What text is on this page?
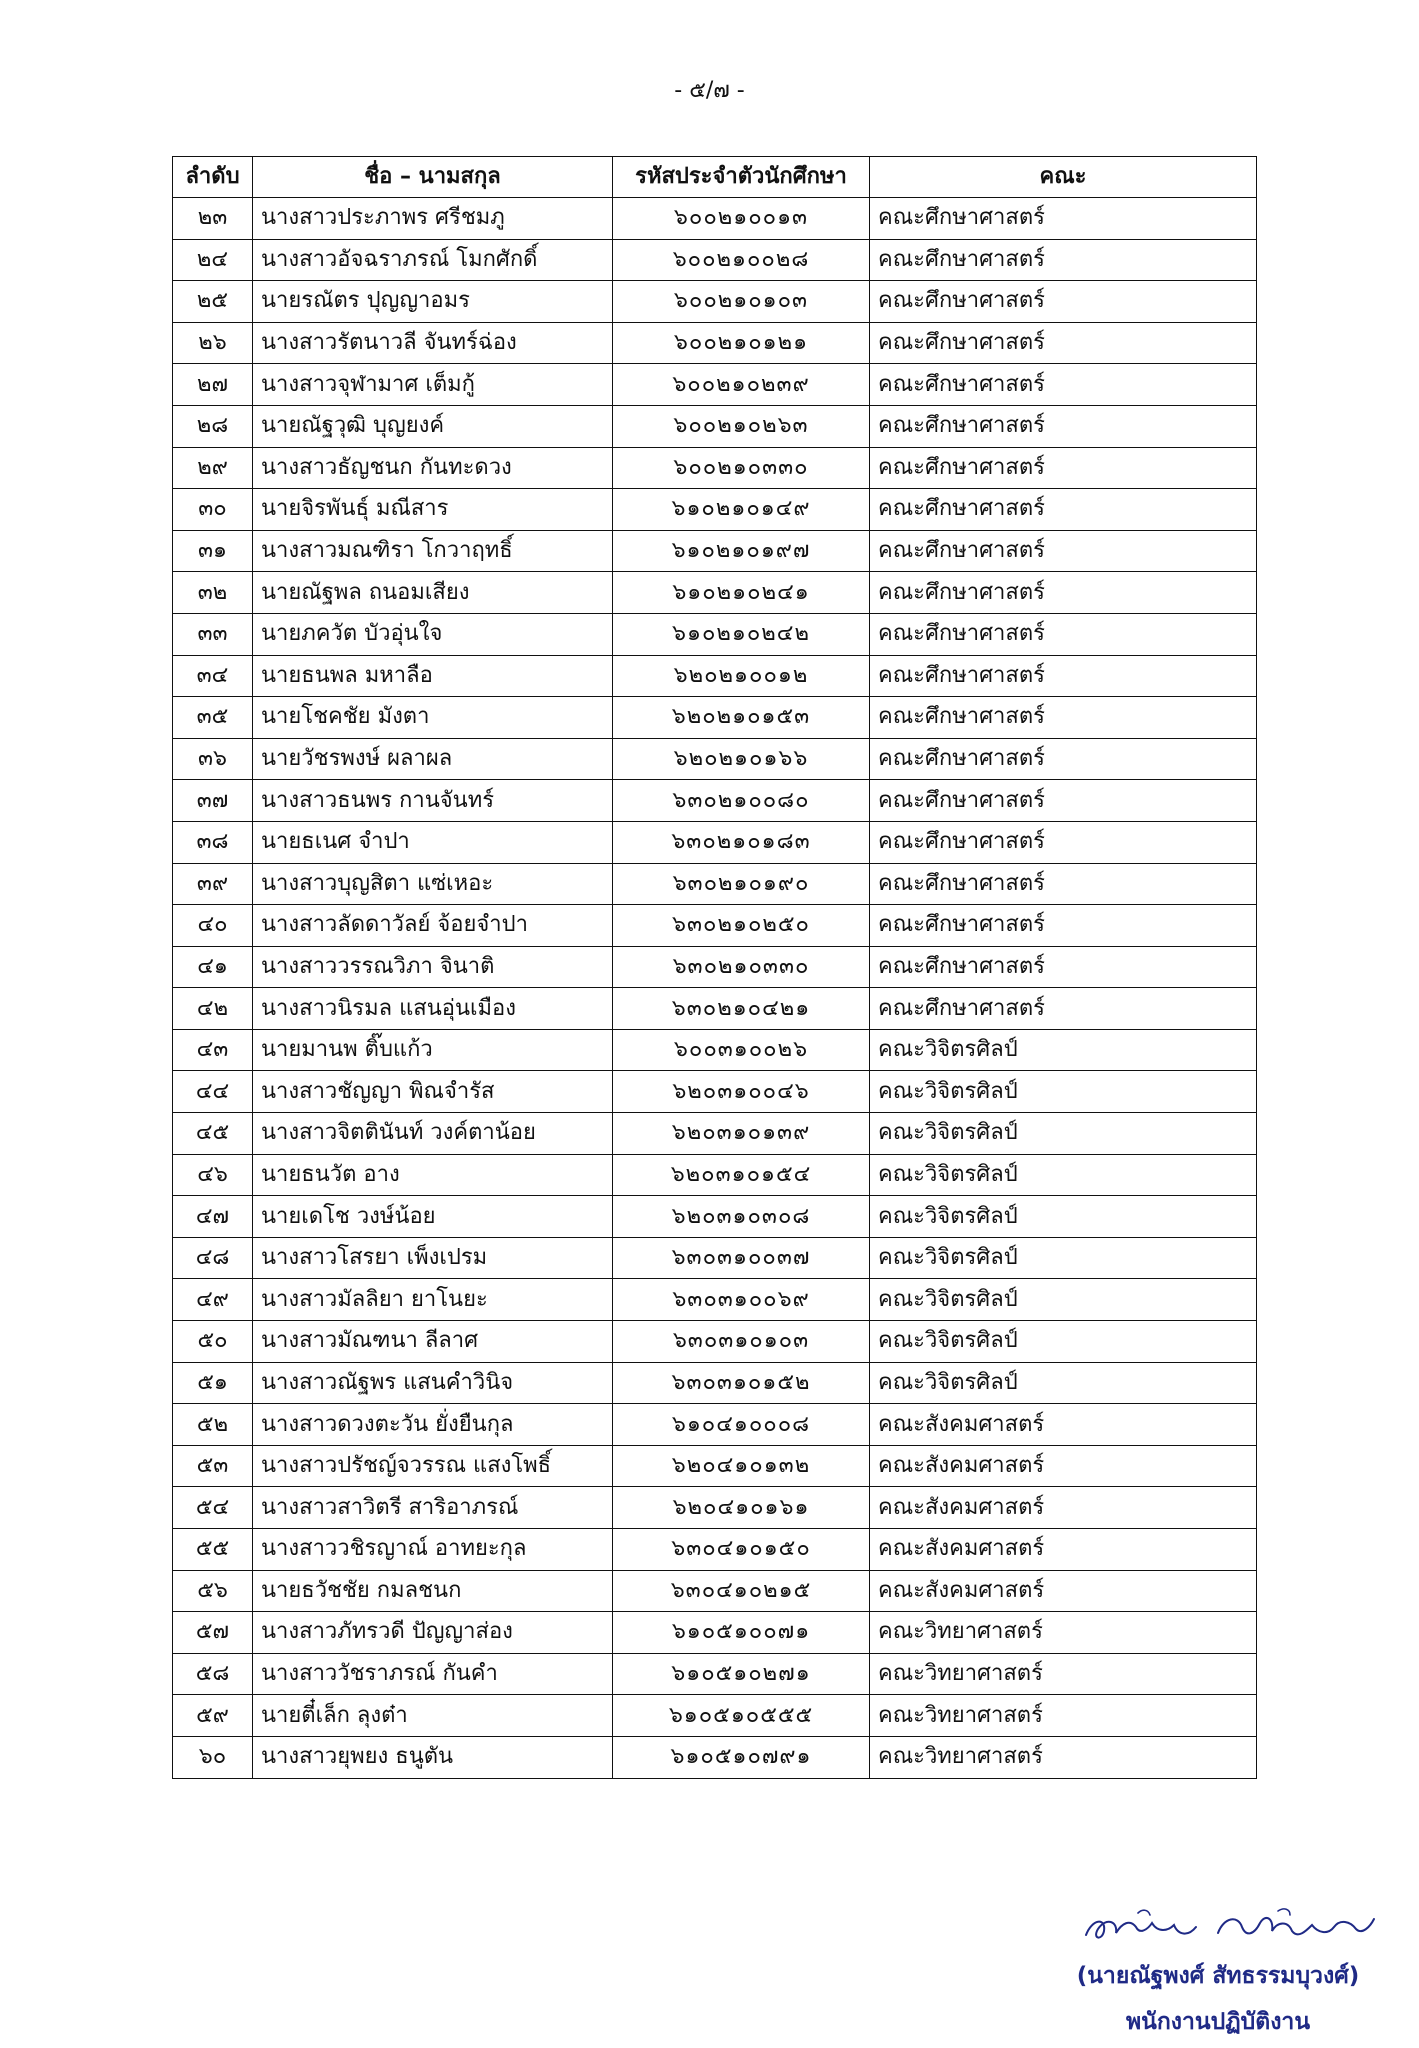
- ๕/๗ -
ลำดับ	ชื่อ – นามสกุล	รหัสประจำตัวนักศึกษา	คณะ
๒๓	นางสาวประภาพร ศรีชมภู	๖๐๐๒๑๐๐๑๓	คณะศึกษาศาสตร์
๒๔	นางสาวอัจฉราภรณ์ โมกศักดิ์	๖๐๐๒๑๐๐๒๘	คณะศึกษาศาสตร์
๒๕	นายรณัตร ปุญญาอมร	๖๐๐๒๑๐๑๐๓	คณะศึกษาศาสตร์
๒๖	นางสาวรัตนาวลี จันทร์ฉ่อง	๖๐๐๒๑๐๑๒๑	คณะศึกษาศาสตร์
๒๗	นางสาวจุฬามาศ เต็มกู้	๖๐๐๒๑๐๒๓๙	คณะศึกษาศาสตร์
๒๘	นายณัฐวุฒิ บุญยงค์	๖๐๐๒๑๐๒๖๓	คณะศึกษาศาสตร์
๒๙	นางสาวธัญชนก กันทะดวง	๖๐๐๒๑๐๓๓๐	คณะศึกษาศาสตร์
๓๐	นายจิรพันธุ์ มณีสาร	๖๑๐๒๑๐๑๔๙	คณะศึกษาศาสตร์
๓๑	นางสาวมณฑิรา โกวาฤทธิ์	๖๑๐๒๑๐๑๙๗	คณะศึกษาศาสตร์
๓๒	นายณัฐพล ถนอมเสียง	๖๑๐๒๑๐๒๔๑	คณะศึกษาศาสตร์
๓๓	นายภควัต บัวอุ่นใจ	๖๑๐๒๑๐๒๔๒	คณะศึกษาศาสตร์
๓๔	นายธนพล มหาลือ	๖๒๐๒๑๐๐๑๒	คณะศึกษาศาสตร์
๓๕	นายโชคชัย มังตา	๖๒๐๒๑๐๑๕๓	คณะศึกษาศาสตร์
๓๖	นายวัชรพงษ์ ผลาผล	๖๒๐๒๑๐๑๖๖	คณะศึกษาศาสตร์
๓๗	นางสาวธนพร กานจันทร์	๖๓๐๒๑๐๐๘๐	คณะศึกษาศาสตร์
๓๘	นายธเนศ จำปา	๖๓๐๒๑๐๑๘๓	คณะศึกษาศาสตร์
๓๙	นางสาวบุญสิตา แซ่เหอะ	๖๓๐๒๑๐๑๙๐	คณะศึกษาศาสตร์
๔๐	นางสาวลัดดาวัลย์ จ้อยจำปา	๖๓๐๒๑๐๒๕๐	คณะศึกษาศาสตร์
๔๑	นางสาววรรณวิภา จินาติ	๖๓๐๒๑๐๓๓๐	คณะศึกษาศาสตร์
๔๒	นางสาวนิรมล แสนอุ่นเมือง	๖๓๐๒๑๐๔๒๑	คณะศึกษาศาสตร์
๔๓	นายมานพ ติ๊บแก้ว	๖๐๐๓๑๐๐๒๖	คณะวิจิตรศิลป์
๔๔	นางสาวชัญญา พิณจำรัส	๖๒๐๓๑๐๐๔๖	คณะวิจิตรศิลป์
๔๕	นางสาวจิตตินันท์ วงค์ตาน้อย	๖๒๐๓๑๐๑๓๙	คณะวิจิตรศิลป์
๔๖	นายธนวัต อาง	๖๒๐๓๑๐๑๕๔	คณะวิจิตรศิลป์
๔๗	นายเดโช วงษ์น้อย	๖๒๐๓๑๐๓๐๘	คณะวิจิตรศิลป์
๔๘	นางสาวโสรยา เพ็งเปรม	๖๓๐๓๑๐๐๓๗	คณะวิจิตรศิลป์
๔๙	นางสาวมัลลิยา ยาโนยะ	๖๓๐๓๑๐๐๖๙	คณะวิจิตรศิลป์
๕๐	นางสาวมัณฑนา ลีลาศ	๖๓๐๓๑๐๑๐๓	คณะวิจิตรศิลป์
๕๑	นางสาวณัฐพร แสนคำวินิจ	๖๓๐๓๑๐๑๕๒	คณะวิจิตรศิลป์
๕๒	นางสาวดวงตะวัน ยั่งยืนกุล	๖๑๐๔๑๐๐๐๘	คณะสังคมศาสตร์
๕๓	นางสาวปรัชญ์จวรรณ แสงโพธิ์	๖๒๐๔๑๐๑๓๒	คณะสังคมศาสตร์
๕๔	นางสาวสาวิตรี สาริอาภรณ์	๖๒๐๔๑๐๑๖๑	คณะสังคมศาสตร์
๕๕	นางสาววชิรญาณ์ อาทยะกุล	๖๓๐๔๑๐๑๕๐	คณะสังคมศาสตร์
๕๖	นายธวัชชัย กมลชนก	๖๓๐๔๑๐๒๑๕	คณะสังคมศาสตร์
๕๗	นางสาวภัทรวดี ปัญญาส่อง	๖๑๐๕๑๐๐๗๑	คณะวิทยาศาสตร์
๕๘	นางสาววัชราภรณ์ กันคำ	๖๑๐๕๑๐๒๗๑	คณะวิทยาศาสตร์
๕๙	นายตี๋เล็ก ลุงต๋า	๖๑๐๕๑๐๕๕๕	คณะวิทยาศาสตร์
๖๐	นางสาวยุพยง ธนูตัน	๖๑๐๕๑๐๗๙๑	คณะวิทยาศาสตร์
(นายณัฐพงศ์ สัทธรรมบุวงศ์)
พนักงานปฏิบัติงาน
